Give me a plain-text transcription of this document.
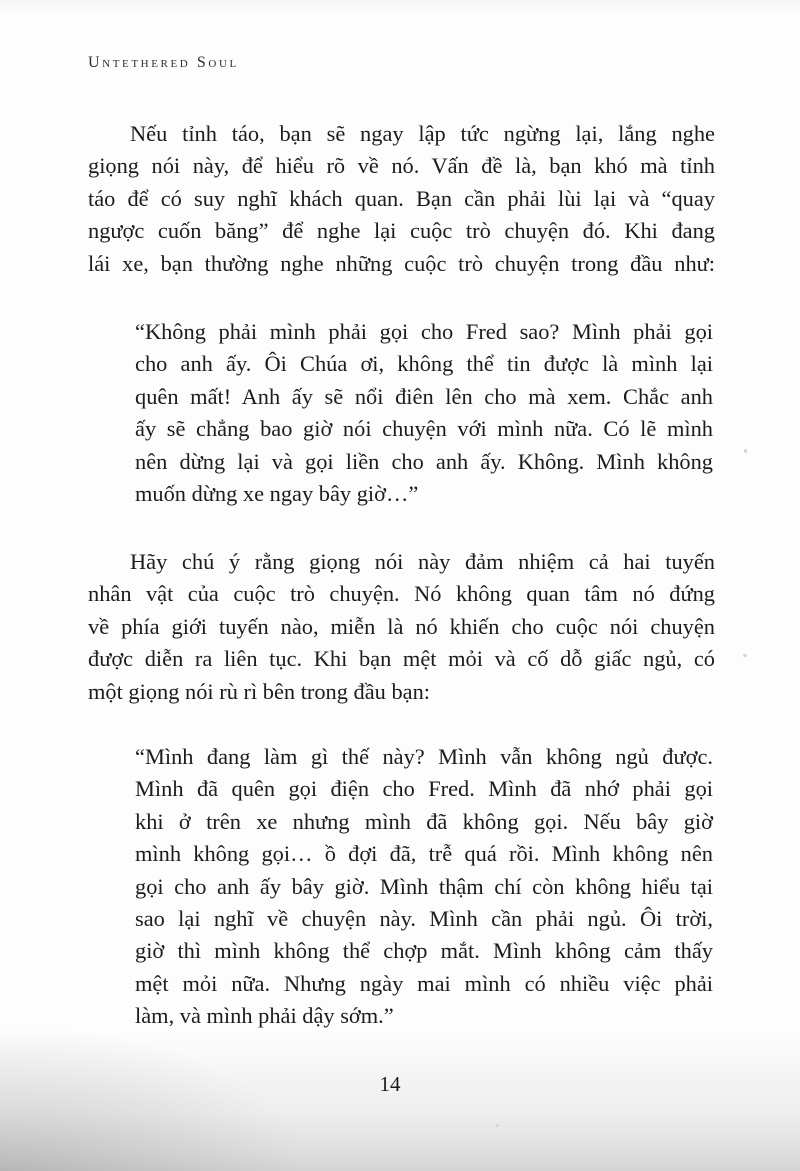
Untethered Soul
Nếu tỉnh táo, bạn sẽ ngay lập tức ngừng lại, lắng nghe
giọng nói này, để hiểu rõ về nó. Vấn đề là, bạn khó mà tỉnh
táo để có suy nghĩ khách quan. Bạn cần phải lùi lại và “quay
ngược cuốn băng” để nghe lại cuộc trò chuyện đó. Khi đang
lái xe, bạn thường nghe những cuộc trò chuyện trong đầu như:
“Không phải mình phải gọi cho Fred sao? Mình phải gọi
cho anh ấy. Ôi Chúa ơi, không thể tin được là mình lại
quên mất! Anh ấy sẽ nổi điên lên cho mà xem. Chắc anh
ấy sẽ chẳng bao giờ nói chuyện với mình nữa. Có lẽ mình
nên dừng lại và gọi liền cho anh ấy. Không. Mình không
muốn dừng xe ngay bây giờ…”
Hãy chú ý rằng giọng nói này đảm nhiệm cả hai tuyến
nhân vật của cuộc trò chuyện. Nó không quan tâm nó đứng
về phía giới tuyến nào, miễn là nó khiến cho cuộc nói chuyện
được diễn ra liên tục. Khi bạn mệt mỏi và cố dỗ giấc ngủ, có
một giọng nói rù rì bên trong đầu bạn:
“Mình đang làm gì thế này? Mình vẫn không ngủ được.
Mình đã quên gọi điện cho Fred. Mình đã nhớ phải gọi
khi ở trên xe nhưng mình đã không gọi. Nếu bây giờ
mình không gọi… ồ đợi đã, trễ quá rồi. Mình không nên
gọi cho anh ấy bây giờ. Mình thậm chí còn không hiểu tại
sao lại nghĩ về chuyện này. Mình cần phải ngủ. Ôi trời,
giờ thì mình không thể chợp mắt. Mình không cảm thấy
mệt mỏi nữa. Nhưng ngày mai mình có nhiều việc phải
làm, và mình phải dậy sớm.”
14
